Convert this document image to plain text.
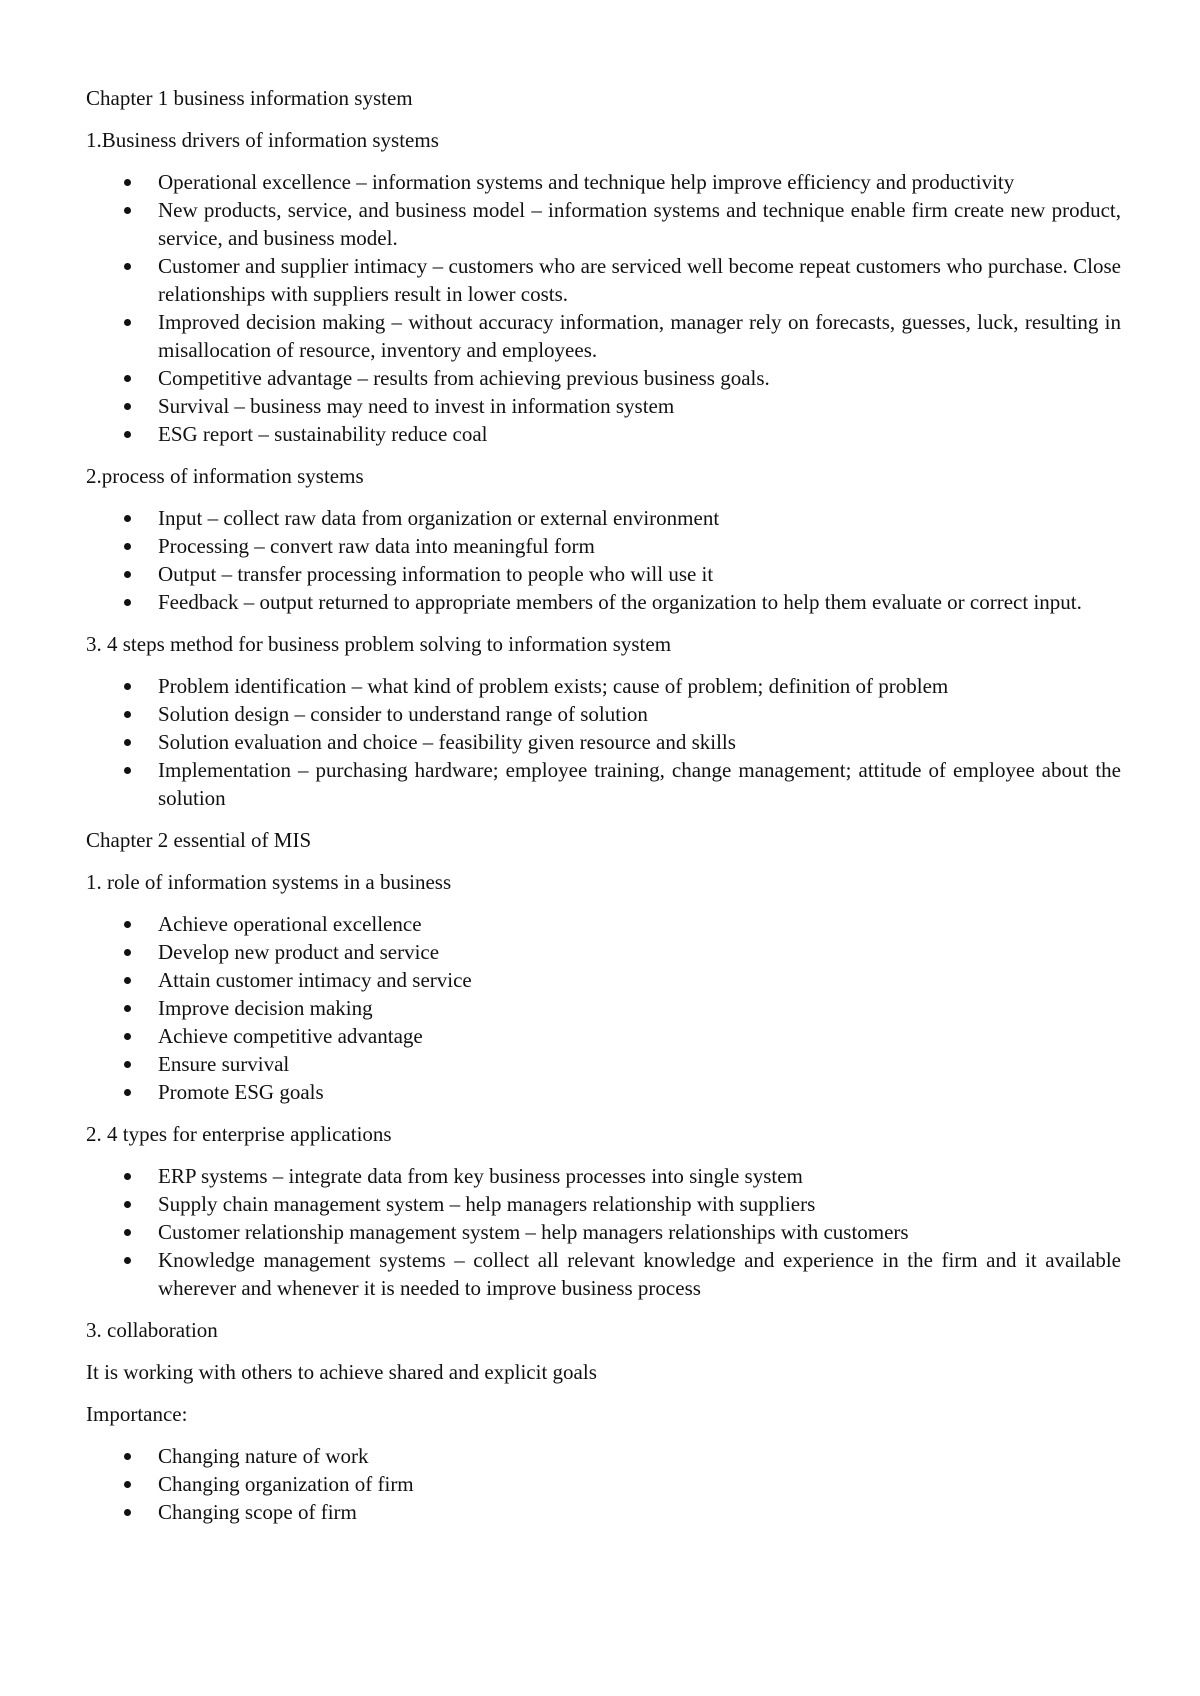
Chapter 1 business information system

1.Business drivers of information systems

Operational excellence – information systems and technique help improve efficiency and productivity
New products, service, and business model – information systems and technique enable firm create new product, service, and business model.
Customer and supplier intimacy – customers who are serviced well become repeat customers who purchase. Close relationships with suppliers result in lower costs.
Improved decision making – without accuracy information, manager rely on forecasts, guesses, luck, resulting in misallocation of resource, inventory and employees.
Competitive advantage – results from achieving previous business goals.
Survival – business may need to invest in information system
ESG report – sustainability reduce coal

2.process of information systems

Input – collect raw data from organization or external environment
Processing – convert raw data into meaningful form
Output – transfer processing information to people who will use it
Feedback – output returned to appropriate members of the organization to help them evaluate or correct input.

3. 4 steps method for business problem solving to information system

Problem identification – what kind of problem exists; cause of problem; definition of problem
Solution design – consider to understand range of solution
Solution evaluation and choice – feasibility given resource and skills
Implementation – purchasing hardware; employee training, change management; attitude of employee about the solution

Chapter 2 essential of MIS

1. role of information systems in a business

Achieve operational excellence
Develop new product and service
Attain customer intimacy and service
Improve decision making
Achieve competitive advantage
Ensure survival
Promote ESG goals

2. 4 types for enterprise applications

ERP systems – integrate data from key business processes into single system
Supply chain management system – help managers relationship with suppliers
Customer relationship management system – help managers relationships with customers
Knowledge management systems – collect all relevant knowledge and experience in the firm and it available wherever and whenever it is needed to improve business process

3. collaboration

It is working with others to achieve shared and explicit goals

Importance:

Changing nature of work
Changing organization of firm
Changing scope of firm
